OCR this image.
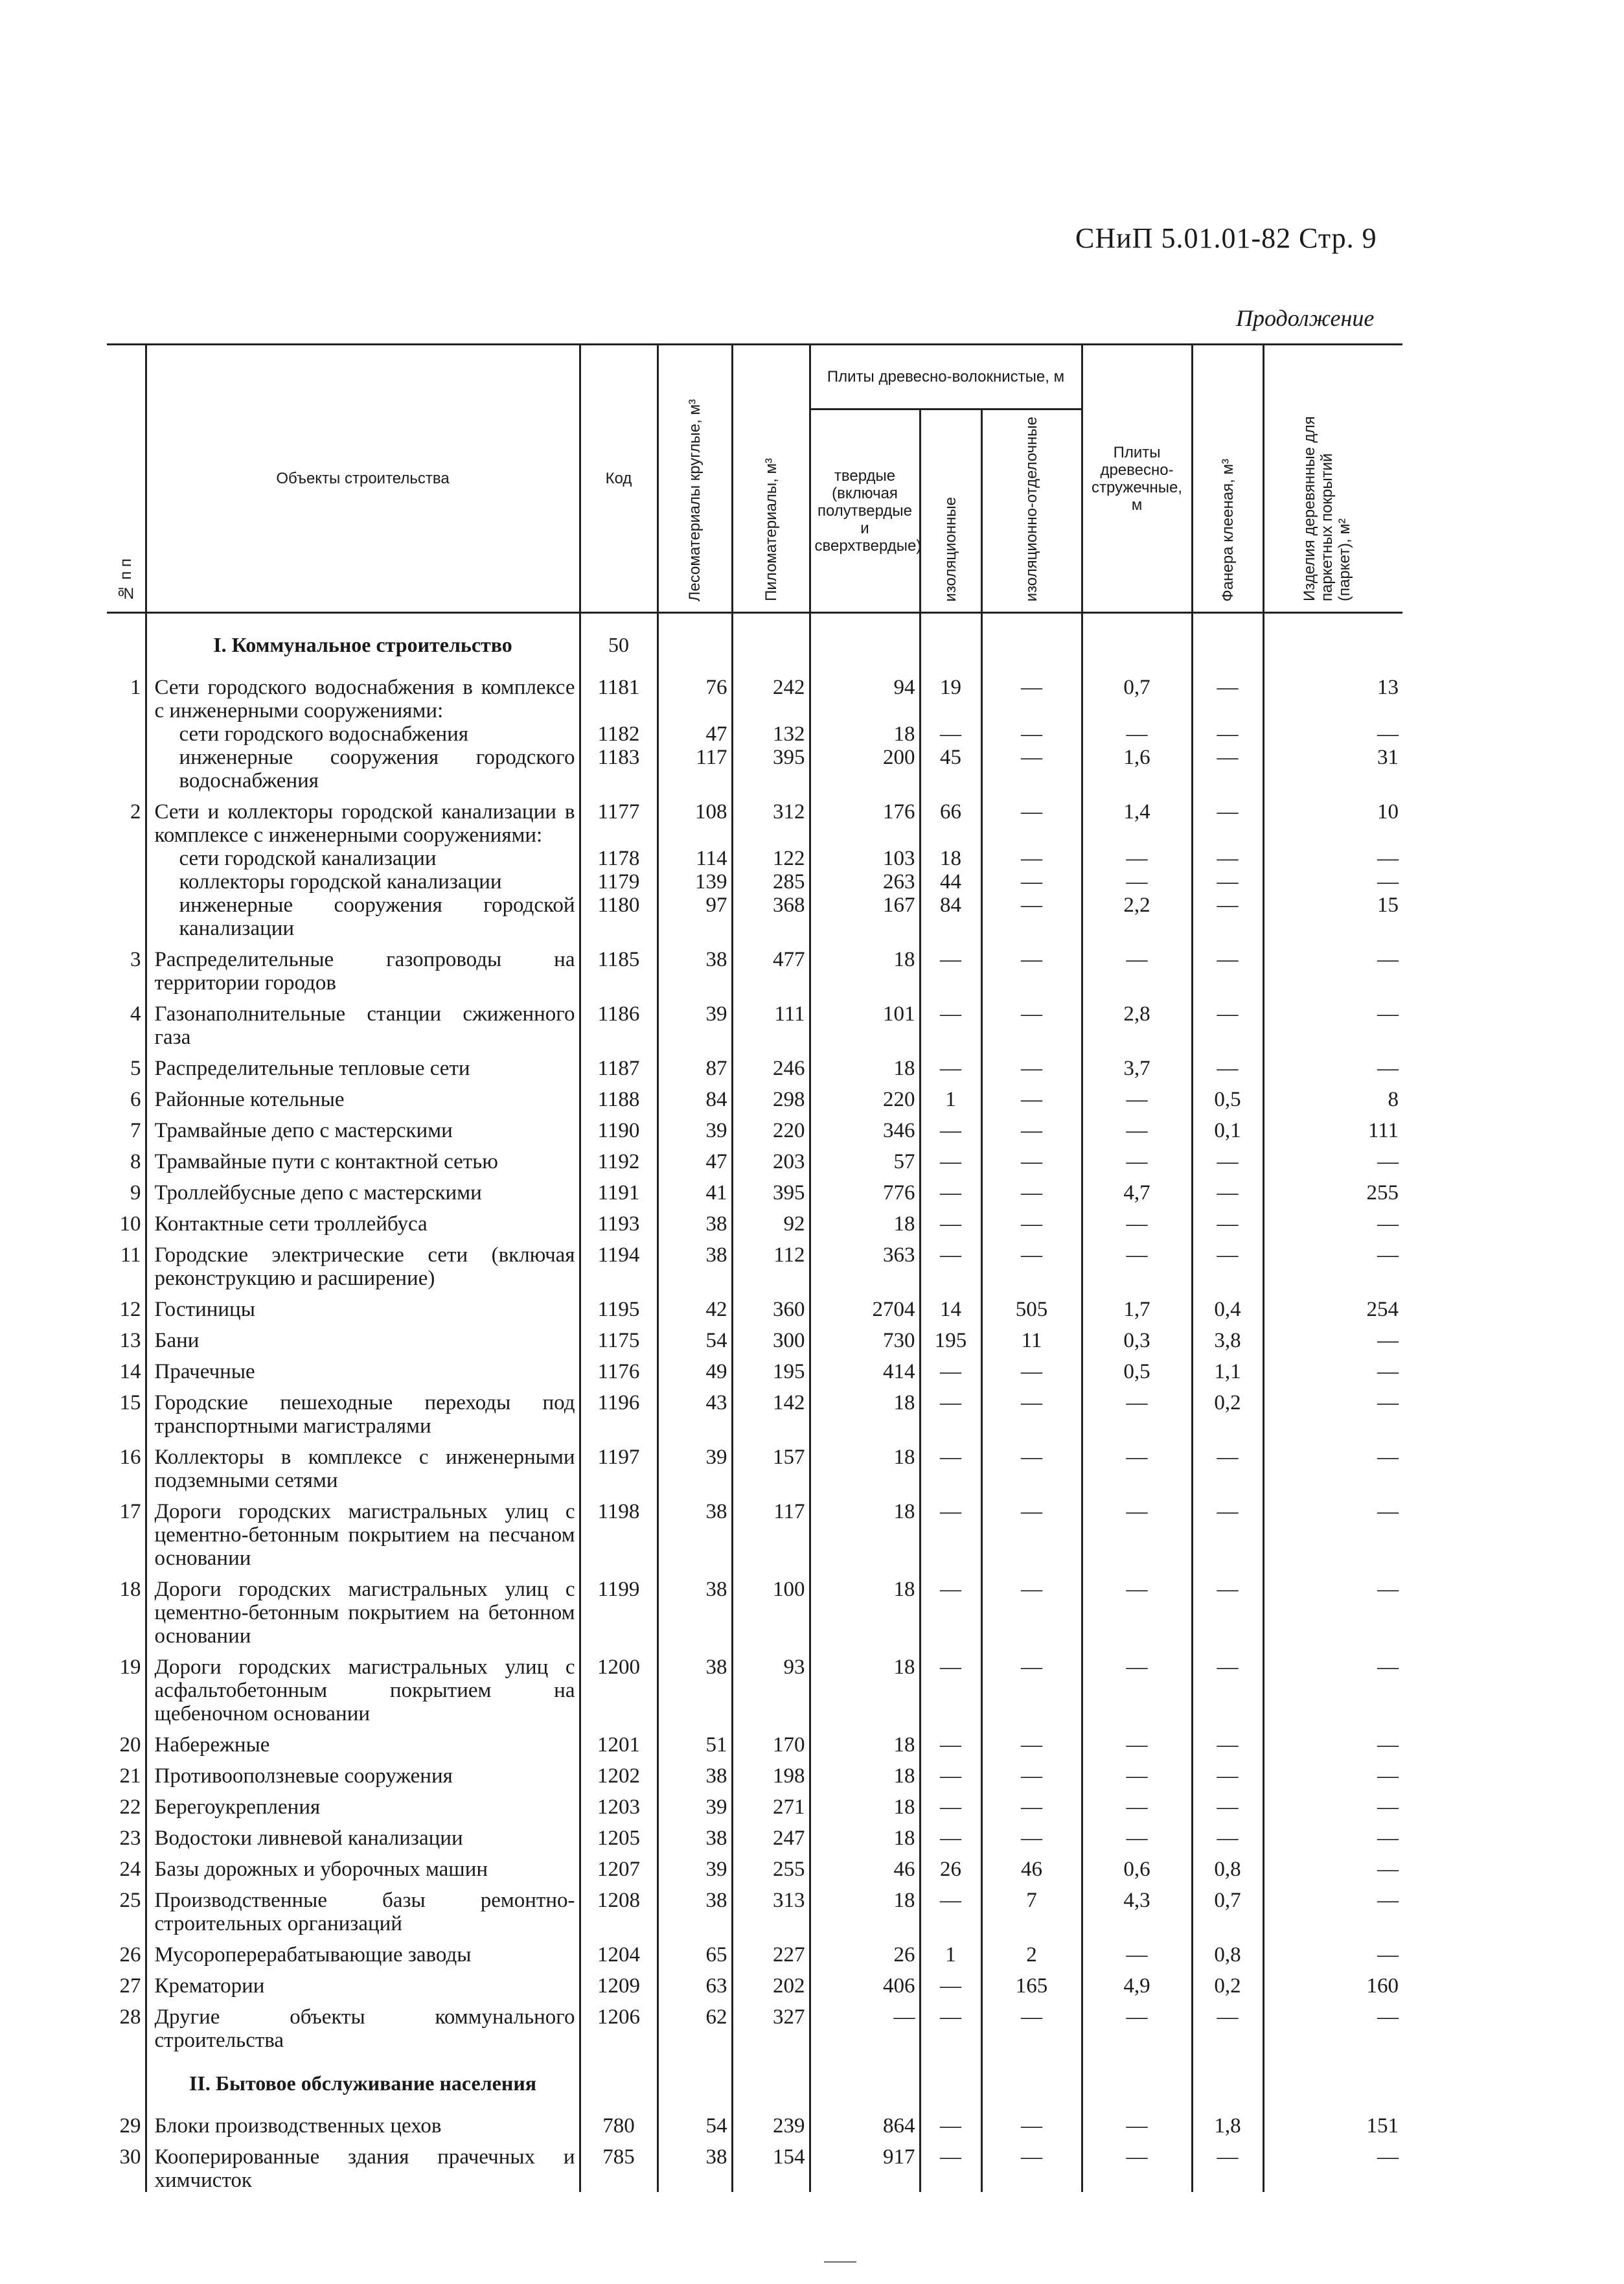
СНиП 5.01.01-82 Стр. 9
Продолжение
№ п п	Объекты строительства	Код	Лесоматериалы круглые, м³	Пиломатериалы, м³	Плиты древесно-волокнистые, м			Плиты древесно-стружечные, м	Фанера клееная, м³	Изделия деревянные для паркетных покрытий (паркет), м²
					твердые (включая полутвердые и сверхтвердые)	изоляционные	изоляционно-отделочные			
	I. Коммунальное строительство	50								
1	Сети городского водоснабжения в комплексе с инженерными сооружениями:	1181	76	242	94	19	—	0,7	—	13
	сети городского водоснабжения	1182	47	132	18	—	—	—	—	—
	инженерные сооружения городского водоснабжения	1183	117	395	200	45	—	1,6	—	31
2	Сети и коллекторы городской канализации в комплексе с инженерными сооружениями:	1177	108	312	176	66	—	1,4	—	10
	сети городской канализации	1178	114	122	103	18	—	—	—	—
	коллекторы городской канализации	1179	139	285	263	44	—	—	—	—
	инженерные сооружения городской канализации	1180	97	368	167	84	—	2,2	—	15
3	Распределительные газопроводы на территории городов	1185	38	477	18	—	—	—	—	—
4	Газонаполнительные станции сжиженного газа	1186	39	111	101	—	—	2,8	—	—
5	Распределительные тепловые сети	1187	87	246	18	—	—	3,7	—	—
6	Районные котельные	1188	84	298	220	1	—	—	0,5	8
7	Трамвайные депо с мастерскими	1190	39	220	346	—	—	—	0,1	111
8	Трамвайные пути с контактной сетью	1192	47	203	57	—	—	—	—	—
9	Троллейбусные депо с мастерскими	1191	41	395	776	—	—	4,7	—	255
10	Контактные сети троллейбуса	1193	38	92	18	—	—	—	—	—
11	Городские электрические сети (включая реконструкцию и расширение)	1194	38	112	363	—	—	—	—	—
12	Гостиницы	1195	42	360	2704	14	505	1,7	0,4	254
13	Бани	1175	54	300	730	195	11	0,3	3,8	—
14	Прачечные	1176	49	195	414	—	—	0,5	1,1	—
15	Городские пешеходные переходы под транспортными магистралями	1196	43	142	18	—	—	—	0,2	—
16	Коллекторы в комплексе с инженерными подземными сетями	1197	39	157	18	—	—	—	—	—
17	Дороги городских магистральных улиц с цементно-бетонным покрытием на песчаном основании	1198	38	117	18	—	—	—	—	—
18	Дороги городских магистральных улиц с цементно-бетонным покрытием на бетонном основании	1199	38	100	18	—	—	—	—	—
19	Дороги городских магистральных улиц с асфальтобетонным покрытием на щебеночном основании	1200	38	93	18	—	—	—	—	—
20	Набережные	1201	51	170	18	—	—	—	—	—
21	Противооползневые сооружения	1202	38	198	18	—	—	—	—	—
22	Берегоукрепления	1203	39	271	18	—	—	—	—	—
23	Водостоки ливневой канализации	1205	38	247	18	—	—	—	—	—
24	Базы дорожных и уборочных машин	1207	39	255	46	26	46	0,6	0,8	—
25	Производственные базы ремонтно-строительных организаций	1208	38	313	18	—	7	4,3	0,7	—
26	Мусороперерабатывающие заводы	1204	65	227	26	1	2	—	0,8	—
27	Крематории	1209	63	202	406	—	165	4,9	0,2	160
28	Другие объекты коммунального строительства	1206	62	327	—	—	—	—	—	—
	II. Бытовое обслуживание населения									
29	Блоки производственных цехов	780	54	239	864	—	—	—	1,8	151
30	Кооперированные здания прачечных и химчисток	785	38	154	917	—	—	—	—	—
